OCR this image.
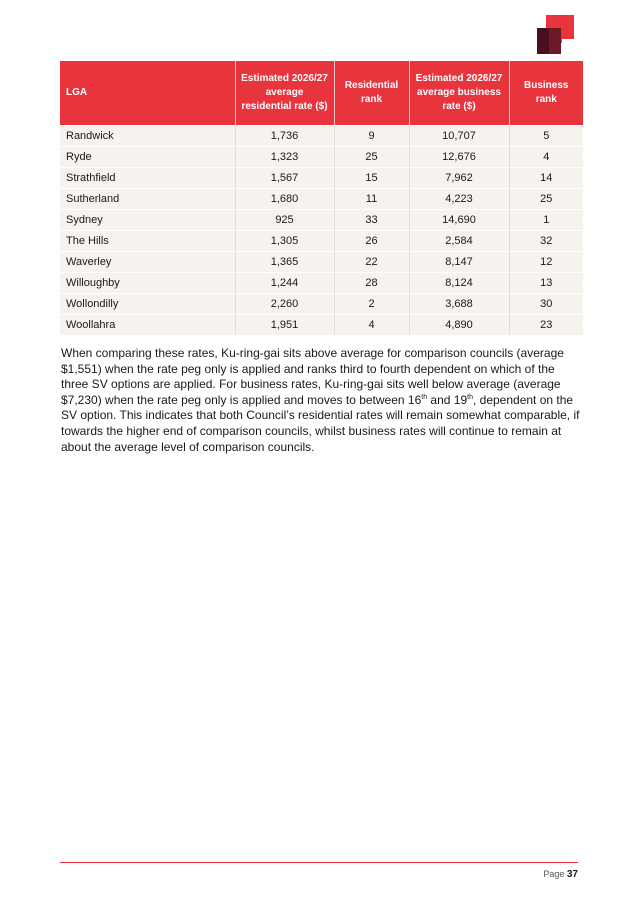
LGA	Estimated 2026/27 average residential rate ($)	Residential rank	Estimated 2026/27 average business rate ($)	Business rank
Randwick	1,736	9	10,707	5
Ryde	1,323	25	12,676	4
Strathfield	1,567	15	7,962	14
Sutherland	1,680	11	4,223	25
Sydney	925	33	14,690	1
The Hills	1,305	26	2,584	32
Waverley	1,365	22	8,147	12
Willoughby	1,244	28	8,124	13
Wollondilly	2,260	2	3,688	30
Woollahra	1,951	4	4,890	23

When comparing these rates, Ku-ring-gai sits above average for comparison councils (average $1,551) when the rate peg only is applied and ranks third to fourth dependent on which of the three SV options are applied. For business rates, Ku-ring-gai sits well below average (average $7,230) when the rate peg only is applied and moves to between 16th and 19th, dependent on the SV option. This indicates that both Council’s residential rates will remain somewhat comparable, if towards the higher end of comparison councils, whilst business rates will continue to remain at about the average level of comparison councils.

Page 37
